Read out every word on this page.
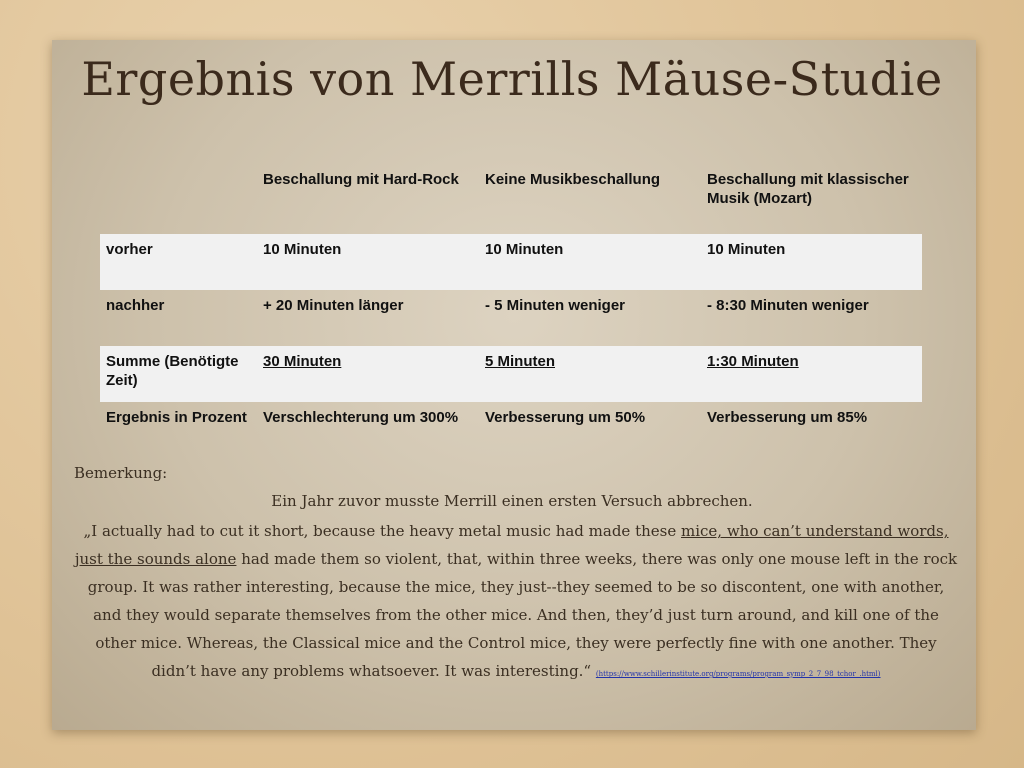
Ergebnis von Merrills Mäuse-Studie
	Beschallung mit Hard-Rock	Keine Musikbeschallung	Beschallung mit klassischer Musik (Mozart)
vorher	10 Minuten	10 Minuten	10 Minuten
nachher	+ 20 Minuten länger	- 5 Minuten weniger	- 8:30 Minuten weniger
Summe (Benötigte Zeit)	30 Minuten	5 Minuten	1:30 Minuten
Ergebnis in Prozent	Verschlechterung um 300%	Verbesserung um 50%	Verbesserung um 85%
Bemerkung:
Ein Jahr zuvor musste Merrill einen ersten Versuch abbrechen.
„I actually had to cut it short, because the heavy metal music had made these mice, who can’t understand words, just the sounds alone had made them so violent, that, within three weeks, there was only one mouse left in the rock group. It was rather interesting, because the mice, they just--they seemed to be so discontent, one with another, and they would separate themselves from the other mice. And then, they’d just turn around, and kill one of the other mice. Whereas, the Classical mice and the Control mice, they were perfectly fine with one another. They didn’t have any problems whatsoever. It was interesting.“ (https://www.schillerinstitute.org/programs/program_symp_2_7_98_tchor_.html)
